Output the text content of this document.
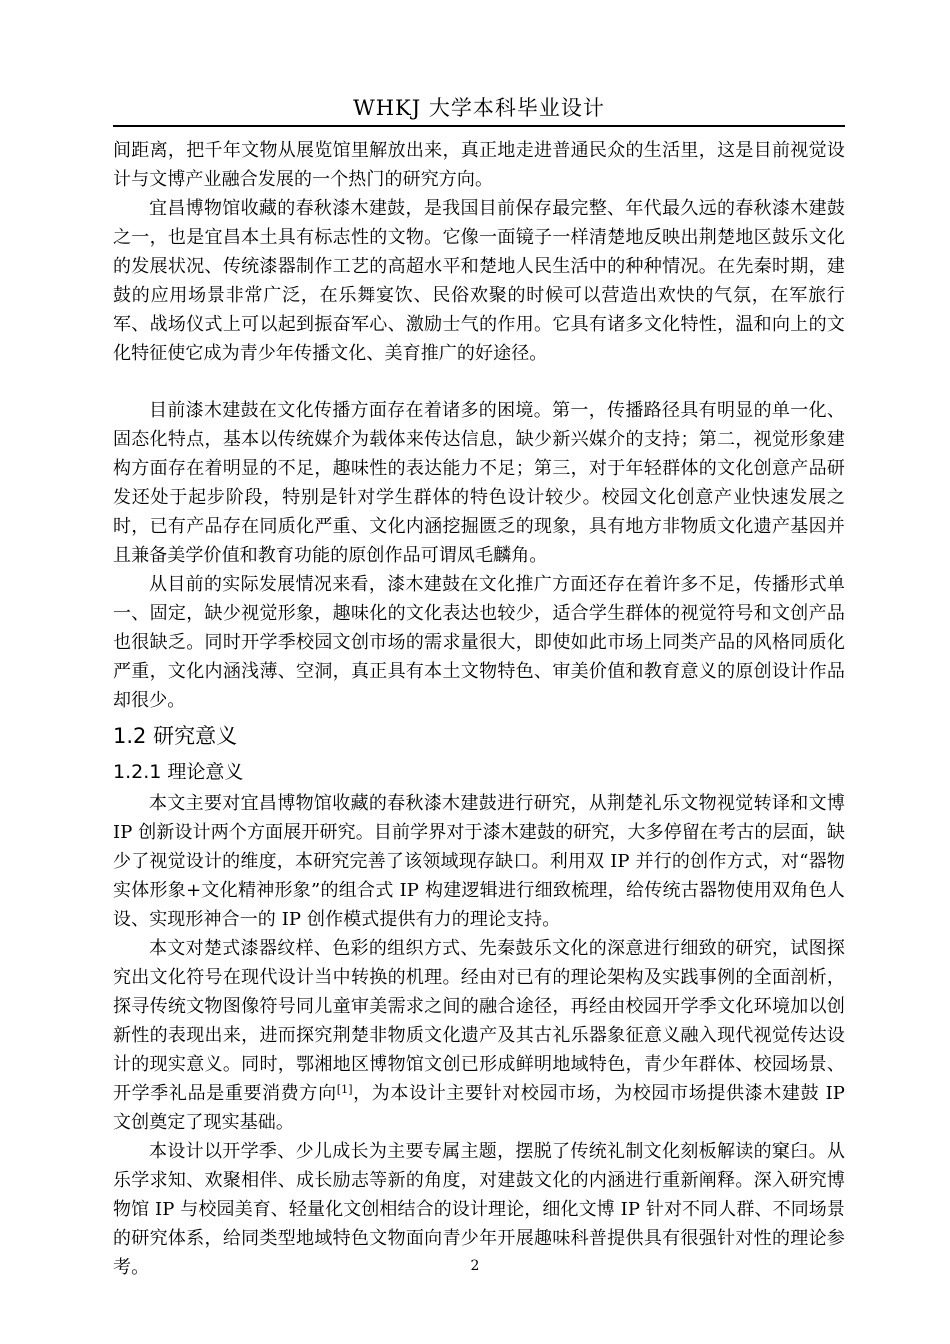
WHKJ 大学本科毕业设计

间距离，把千年文物从展览馆里解放出来，真正地走进普通民众的生活里，这是目前视觉设计与文博产业融合发展的一个热门的研究方向。

宜昌博物馆收藏的春秋漆木建鼓，是我国目前保存最完整、年代最久远的春秋漆木建鼓之一，也是宜昌本土具有标志性的文物。它像一面镜子一样清楚地反映出荆楚地区鼓乐文化的发展状况、传统漆器制作工艺的高超水平和楚地人民生活中的种种情况。在先秦时期，建鼓的应用场景非常广泛，在乐舞宴饮、民俗欢聚的时候可以营造出欢快的气氛，在军旅行军、战场仪式上可以起到振奋军心、激励士气的作用。它具有诸多文化特性，温和向上的文化特征使它成为青少年传播文化、美育推广的好途径。

目前漆木建鼓在文化传播方面存在着诸多的困境。第一，传播路径具有明显的单一化、固态化特点，基本以传统媒介为载体来传达信息，缺少新兴媒介的支持；第二，视觉形象建构方面存在着明显的不足，趣味性的表达能力不足；第三，对于年轻群体的文化创意产品研发还处于起步阶段，特别是针对学生群体的特色设计较少。校园文化创意产业快速发展之时，已有产品存在同质化严重、文化内涵挖掘匮乏的现象，具有地方非物质文化遗产基因并且兼备美学价值和教育功能的原创作品可谓凤毛麟角。

从目前的实际发展情况来看，漆木建鼓在文化推广方面还存在着许多不足，传播形式单一、固定，缺少视觉形象，趣味化的文化表达也较少，适合学生群体的视觉符号和文创产品也很缺乏。同时开学季校园文创市场的需求量很大，即使如此市场上同类产品的风格同质化严重，文化内涵浅薄、空洞，真正具有本土文物特色、审美价值和教育意义的原创设计作品却很少。

1.2 研究意义
1.2.1 理论意义

本文主要对宜昌博物馆收藏的春秋漆木建鼓进行研究，从荆楚礼乐文物视觉转译和文博 IP 创新设计两个方面展开研究。目前学界对于漆木建鼓的研究，大多停留在考古的层面，缺少了视觉设计的维度，本研究完善了该领域现存缺口。利用双 IP 并行的创作方式，对“器物实体形象+文化精神形象”的组合式 IP 构建逻辑进行细致梳理，给传统古器物使用双角色人设、实现形神合一的 IP 创作模式提供有力的理论支持。

本文对楚式漆器纹样、色彩的组织方式、先秦鼓乐文化的深意进行细致的研究，试图探究出文化符号在现代设计当中转换的机理。经由对已有的理论架构及实践事例的全面剖析，探寻传统文物图像符号同儿童审美需求之间的融合途径，再经由校园开学季文化环境加以创新性的表现出来，进而探究荆楚非物质文化遗产及其古礼乐器象征意义融入现代视觉传达设计的现实意义。同时，鄂湘地区博物馆文创已形成鲜明地域特色，青少年群体、校园场景、开学季礼品是重要消费方向[1]，为本设计主要针对校园市场，为校园市场提供漆木建鼓 IP 文创奠定了现实基础。

本设计以开学季、少儿成长为主要专属主题，摆脱了传统礼制文化刻板解读的窠臼。从乐学求知、欢聚相伴、成长励志等新的角度，对建鼓文化的内涵进行重新阐释。深入研究博物馆 IP 与校园美育、轻量化文创相结合的设计理论，细化文博 IP 针对不同人群、不同场景的研究体系，给同类型地域特色文物面向青少年开展趣味科普提供具有很强针对性的理论参考。	2
